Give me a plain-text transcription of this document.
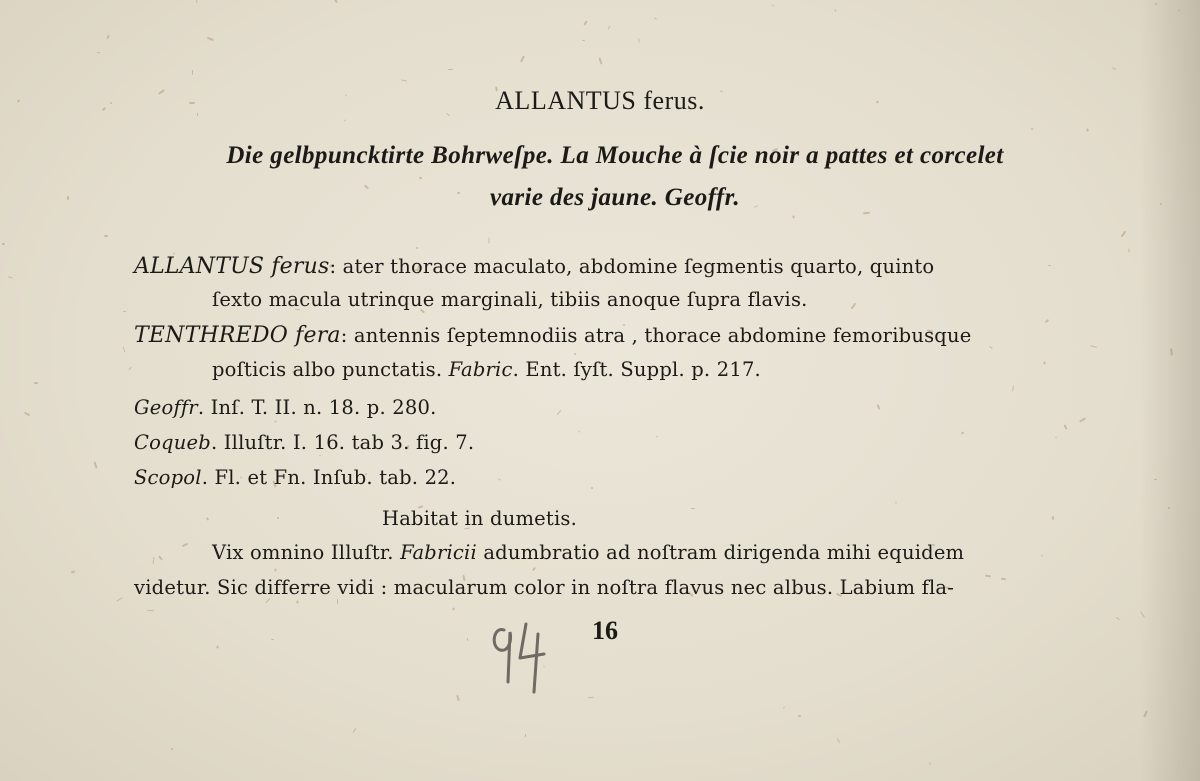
ALLANTUS ferus.
Die gelbpuncktirte Bohrweſpe. La Mouche à ſcie noir a pattes et corcelet
varie des jaune. Geoffr.
ALLANTUS ferus: ater thorace maculato, abdomine ſegmentis quarto, quinto
ſexto macula utrinque marginali, tibiis anoque ſupra flavis.
TENTHREDO fera: antennis ſeptemnodiis atra , thorace abdomine femoribusque
poſticis albo punctatis. Fabric. Ent. ſyſt. Suppl. p. 217.
Geoffr. Inſ. T. II. n. 18. p. 280.
Coqueb. Illuſtr. I. 16. tab 3. fig. 7.
Scopol. Fl. et Fn. Inſub. tab. 22.
Habitat in dumetis.
Vix omnino Illuſtr. Fabricii adumbratio ad noſtram dirigenda mihi equidem
videtur. Sic differre vidi : macularum color in noſtra flavus nec albus. Labium fla-
16
